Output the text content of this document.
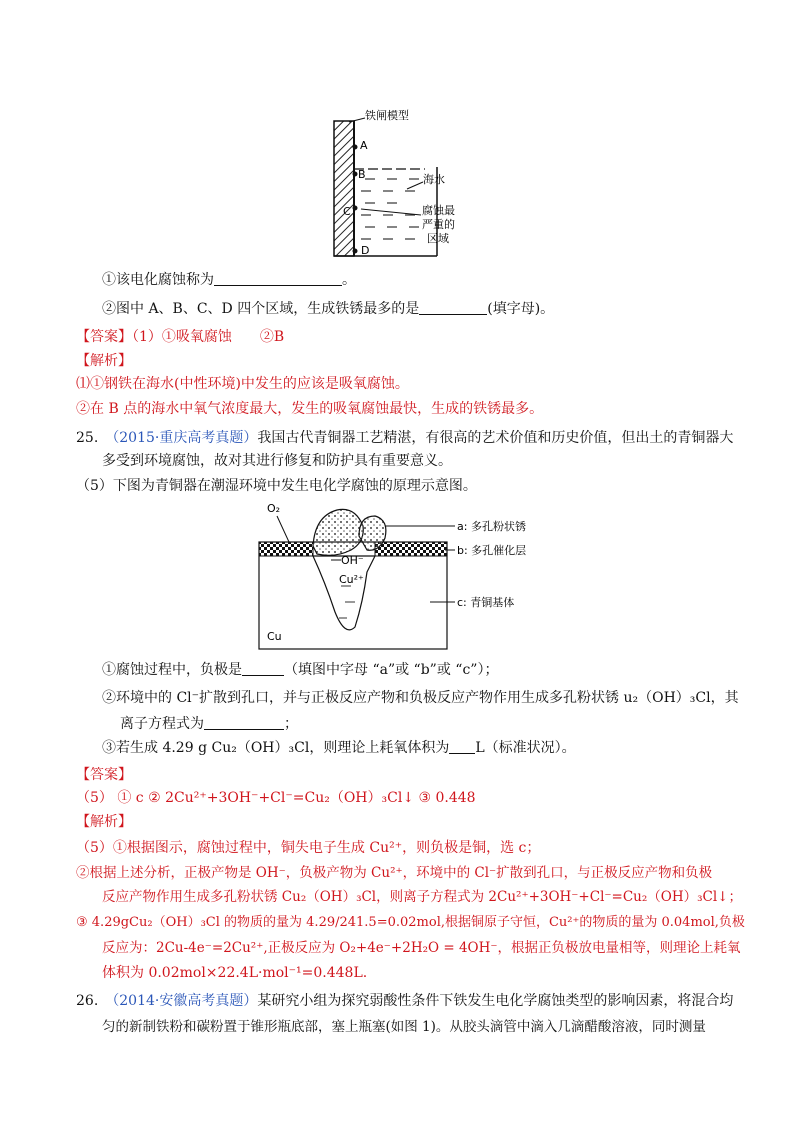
A
B
C
D
铁闸模型
海水
腐蚀最
严重的
区域
①该电化腐蚀称为	。
②图中 A、B、C、D 四个区域，生成铁锈最多的是	(填字母)。
【答案】（1）①吸氧腐蚀　　②B
【解析】
⑴①钢铁在海水(中性环境)中发生的应该是吸氧腐蚀。
②在 B 点的海水中氧气浓度最大，发生的吸氧腐蚀最快，生成的铁锈最多。
25.　 （2015·重庆高考真题）我国古代青铜器工艺精湛，有很高的艺术价值和历史价值，但出土的青铜器大
多受到环境腐蚀，故对其进行修复和防护具有重要意义。
（5）下图为青铜器在潮湿环境中发生电化学腐蚀的原理示意图。
O₂
OH⁻
Cu²⁺
Cu
a: 多孔粉状锈
b: 多孔催化层
c: 青铜基体
①腐蚀过程中，负极是	（填图中字母 “a”或 “b”或 “c”）；
②环境中的 Cl⁻扩散到孔口，并与正极反应产物和负极反应产物作用生成多孔粉状锈 u₂（OH）₃Cl，其
离子方程式为	；
③若生成 4.29 g Cu₂（OH）₃Cl，则理论上耗氧体积为 L（标准状况）。
【答案】
（5） ① c ② 2Cu²⁺+3OH⁻+Cl⁻=Cu₂（OH）₃Cl↓ ③ 0.448
【解析】
（5）①根据图示，腐蚀过程中，铜失电子生成 Cu²⁺，则负极是铜，选 c；
②根据上述分析，正极产物是 OH⁻，负极产物为 Cu²⁺，环境中的 Cl⁻扩散到孔口，与正极反应产物和负极
反应产物作用生成多孔粉状锈 Cu₂（OH）₃Cl，则离子方程式为 2Cu²⁺+3OH⁻+Cl⁻=Cu₂（OH）₃Cl↓；
③ 4.29gCu₂（OH）₃Cl 的物质的量为 4.29/241.5=0.02mol,根据铜原子守恒，Cu²⁺的物质的量为 0.04mol,负极
反应为：2Cu-4e⁻=2Cu²⁺,正极反应为 O₂+4e⁻+2H₂O = 4OH⁻，根据正负极放电量相等，则理论上耗氧
体积为 0.02mol×22.4L·mol⁻¹=0.448L.
26.　 （2014·安徽高考真题）某研究小组为探究弱酸性条件下铁发生电化学腐蚀类型的影响因素，将混合均
匀的新制铁粉和碳粉置于锥形瓶底部，塞上瓶塞(如图 1)。从胶头滴管中滴入几滴醋酸溶液，同时测量
